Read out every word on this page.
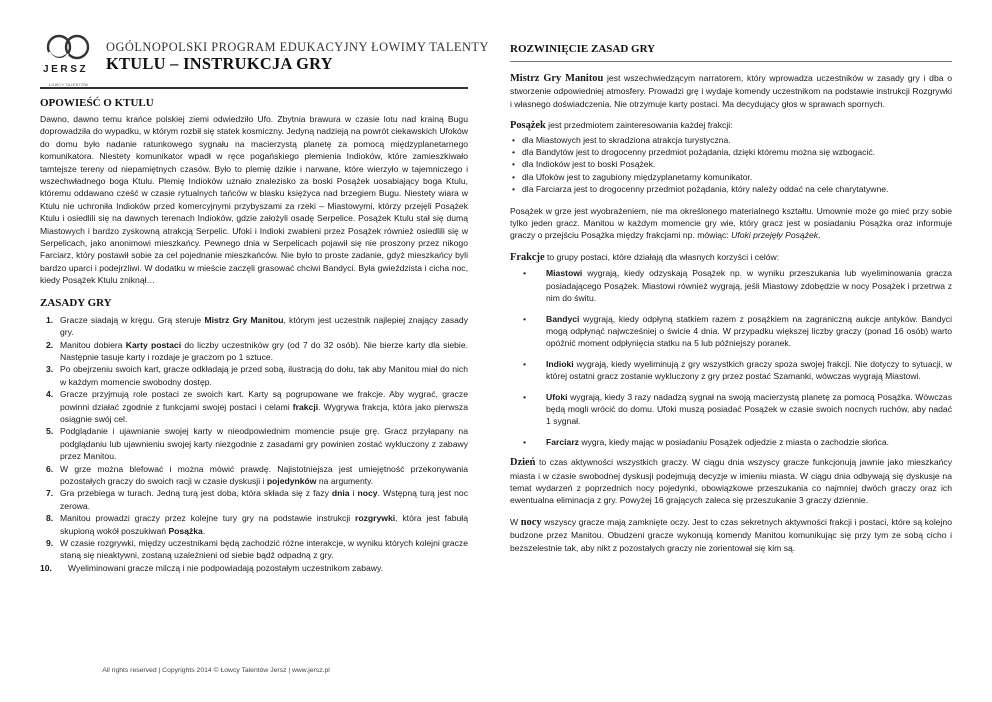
JERSZ
ŁOWCY TALENTÓW
OGÓLNOPOLSKI PROGRAM EDUKACYJNY ŁOWIMY TALENTY
KTULU – INSTRUKCJA GRY
OPOWIEŚĆ O KTULU

Dawno, dawno temu krańce polskiej ziemi odwiedziło Ufo. Zbytnia brawura w czasie lotu nad krainą Bugu doprowadziła do wypadku, w którym rozbił się statek kosmiczny. Jedyną nadzieją na powrót ciekawskich Ufoków do domu było nadanie ratunkowego sygnału na macierzystą planetę za pomocą międzyplanetarnego komunikatora. Niestety komunikator wpadł w ręce pogańskiego plemienia Indioków, które zamieszkiwało tamtejsze tereny od niepamiętnych czasów. Było to plemię dzikie i narwane, które wierzyło w tajemniczego i wszechwładnego boga Ktulu. Plemię Indioków uznało znalezisko za boski Posążek uosabiający boga Ktulu, któremu oddawano cześć w czasie rytualnych tańców w blasku księżyca nad brzegiem Bugu. Niestety wiara w Ktulu nie uchroniła Indioków przed komercyjnymi przybyszami za rzeki – Miastowymi, którzy przejęli Posążek Ktulu i osiedlili się na dawnych terenach Indioków, gdzie założyli osadę Serpelice. Posążek Ktulu stał się dumą Miastowych i bardzo zyskowną atrakcją Serpelic. Ufoki i Indioki zwabieni przez Posążek również osiedlili się w Serpelicach, jako anonimowi mieszkańcy. Pewnego dnia w Serpelicach pojawił się nie proszony przez nikogo Farciarz, który postawił sobie za cel pojednanie mieszkańców. Nie było to proste zadanie, gdyż mieszkańcy byli bardzo uparci i podejrzliwi. W dodatku w mieście zaczęli grasować chciwi Bandyci. Była gwieździsta i cicha noc, kiedy Posążek Ktulu zniknął…

ZASADY GRY
1. Gracze siadają w kręgu. Grą steruje Mistrz Gry Manitou, którym jest uczestnik najlepiej znający zasady gry.
2. Manitou dobiera Karty postaci do liczby uczestników gry (od 7 do 32 osób). Nie bierze karty dla siebie. Następnie tasuje karty i rozdaje je graczom po 1 sztuce.
3. Po obejrzeniu swoich kart, gracze odkładają je przed sobą, ilustracją do dołu, tak aby Manitou miał do nich w każdym momencie swobodny dostęp.
4. Gracze przyjmują role postaci ze swoich kart. Karty są pogrupowane we frakcje. Aby wygrać, gracze powinni działać zgodnie z funkcjami swojej postaci i celami frakcji. Wygrywa frakcja, która jako pierwsza osiągnie swój cel.
5. Podglądanie i ujawnianie swojej karty w nieodpowiednim momencie psuje grę. Gracz przyłapany na podglądaniu lub ujawnieniu swojej karty niezgodnie z zasadami gry powinien zostać wykluczony z zabawy przez Manitou.
6. W grze można blefować i można mówić prawdę. Najistotniejsza jest umiejętność przekonywania pozostałych graczy do swoich racji w czasie dyskusji i pojedynków na argumenty.
7. Gra przebiega w turach. Jedną turą jest doba, która składa się z fazy dnia i nocy. Wstępną turą jest noc zerowa.
8. Manitou prowadzi graczy przez kolejne tury gry na podstawie instrukcji rozgrywki, która jest fabułą skupioną wokół poszukiwań Posążka.
9. W czasie rozgrywki, między uczestnikami będą zachodzić różne interakcje, w wyniku których kolejni gracze staną się nieaktywni, zostaną uzależnieni od siebie bądź odpadną z gry.
10. Wyeliminowani gracze milczą i nie podpowiadają pozostałym uczestnikom zabawy.
All rights reserved | Copyrights 2014 © Łowcy Talentów Jersz | www.jersz.pl
ROZWINIĘCIE ZASAD GRY

Mistrz Gry Manitou jest wszechwiedzącym narratorem, który wprowadza uczestników w zasady gry i dba o stworzenie odpowiedniej atmosfery. Prowadzi grę i wydaje komendy uczestnikom na podstawie instrukcji Rozgrywki i własnego doświadczenia. Nie otrzymuje karty postaci. Ma decydujący głos w sprawach spornych.

Posążek jest przedmiotem zainteresowania każdej frakcji:

• dla Miastowych jest to skradziona atrakcja turystyczna.
• dla Bandytów jest to drogocenny przedmiot pożądania, dzięki któremu można się wzbogacić.
• dla Indioków jest to boski Posążek.
• dla Ufoków jest to zagubiony międzyplanetarny komunikator.
• dla Farciarza jest to drogocenny przedmiot pożądania, który należy oddać na cele charytatywne.

Posążek w grze jest wyobrażeniem, nie ma określonego materialnego kształtu. Umownie może go mieć przy sobie tylko jeden gracz. Manitou w każdym momencie gry wie, który gracz jest w posiadaniu Posążka oraz informuje graczy o przejściu Posążka między frakcjami np. mówiąc: Ufoki przejęły Posążek.

Frakcje to grupy postaci, które działają dla własnych korzyści i celów:

• Miastowi wygrają, kiedy odzyskają Posążek np. w wyniku przeszukania lub wyeliminowania gracza posiadającego Posążek. Miastowi również wygrają, jeśli Miastowy zdobędzie w nocy Posążek i przetrwa z nim do świtu.
• Bandyci wygrają, kiedy odpłyną statkiem razem z posążkiem na zagraniczną aukcje antyków. Bandyci mogą odpłynąć najwcześniej o świcie 4 dnia. W przypadku większej liczby graczy (ponad 16 osób) warto opóźnić moment odpłynięcia statku na 5 lub późniejszy poranek.
• Indioki wygrają, kiedy wyeliminują z gry wszystkich graczy spoza swojej frakcji. Nie dotyczy to sytuacji, w której ostatni gracz zostanie wykluczony z gry przez postać Szamanki, wówczas wygrają Miastowi.
• Ufoki wygrają, kiedy 3 razy nadadzą sygnał na swoją macierzystą planetę za pomocą Posążka. Wówczas będą mogli wrócić do domu. Ufoki muszą posiadać Posążek w czasie swoich nocnych ruchów, aby nadać 1 sygnał.
• Farciarz wygra, kiedy mając w posiadaniu Posążek odjedzie z miasta o zachodzie słońca.

Dzień to czas aktywności wszystkich graczy. W ciągu dnia wszyscy gracze funkcjonują jawnie jako mieszkańcy miasta i w czasie swobodnej dyskusji podejmują decyzje w imieniu miasta. W ciągu dnia odbywają się dyskusje na temat wydarzeń z poprzednich nocy pojedynki, obowiązkowe przeszukania co najmniej dwóch graczy oraz ich ewentualna eliminacja z gry. Powyżej 16 grających zaleca się przeszukanie 3 graczy dziennie.

W nocy wszyscy gracze mają zamknięte oczy. Jest to czas sekretnych aktywności frakcji i postaci, które są kolejno budzone przez Manitou. Obudzeni gracze wykonują komendy Manitou komunikując się przy tym ze sobą cicho i bezszelestnie tak, aby nikt z pozostałych graczy nie zorientował się kim są.
